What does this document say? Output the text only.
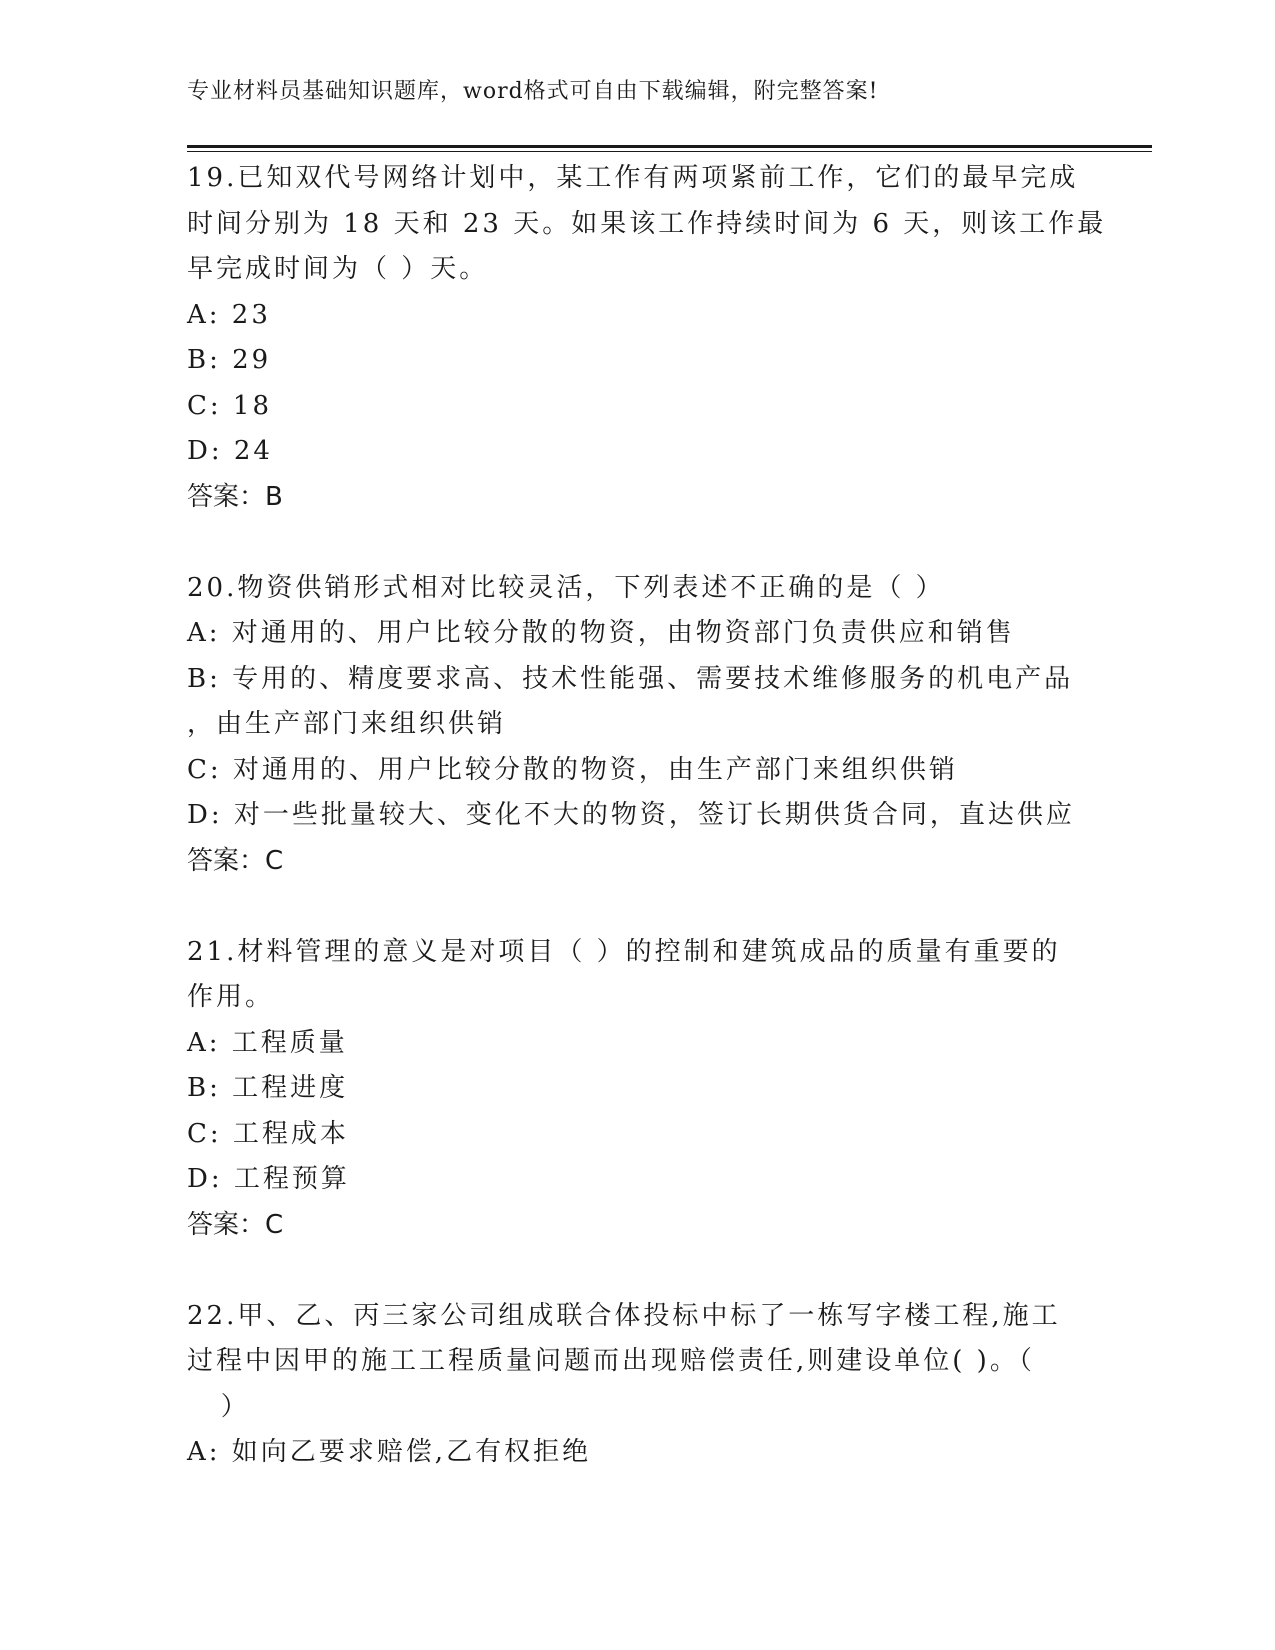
专业材料员基础知识题库，word格式可自由下载编辑，附完整答案!
19.已知双代号网络计划中，某工作有两项紧前工作，它们的最早完成
时间分别为 18 天和 23 天。如果该工作持续时间为 6 天，则该工作最
早完成时间为（ ）天。
A: 23
B: 29
C: 18
D: 24
答案：B
20.物资供销形式相对比较灵活，下列表述不正确的是（ ）
A: 对通用的、用户比较分散的物资，由物资部门负责供应和销售
B: 专用的、精度要求高、技术性能强、需要技术维修服务的机电产品
，由生产部门来组织供销
C: 对通用的、用户比较分散的物资，由生产部门来组织供销
D: 对一些批量较大、变化不大的物资，签订长期供货合同，直达供应
答案：C
21.材料管理的意义是对项目（ ）的控制和建筑成品的质量有重要的
作用。
A: 工程质量
B: 工程进度
C: 工程成本
D: 工程预算
答案：C
22.甲、乙、丙三家公司组成联合体投标中标了一栋写字楼工程,施工
过程中因甲的施工工程质量问题而出现赔偿责任,则建设单位( )。（
）
A: 如向乙要求赔偿,乙有权拒绝
